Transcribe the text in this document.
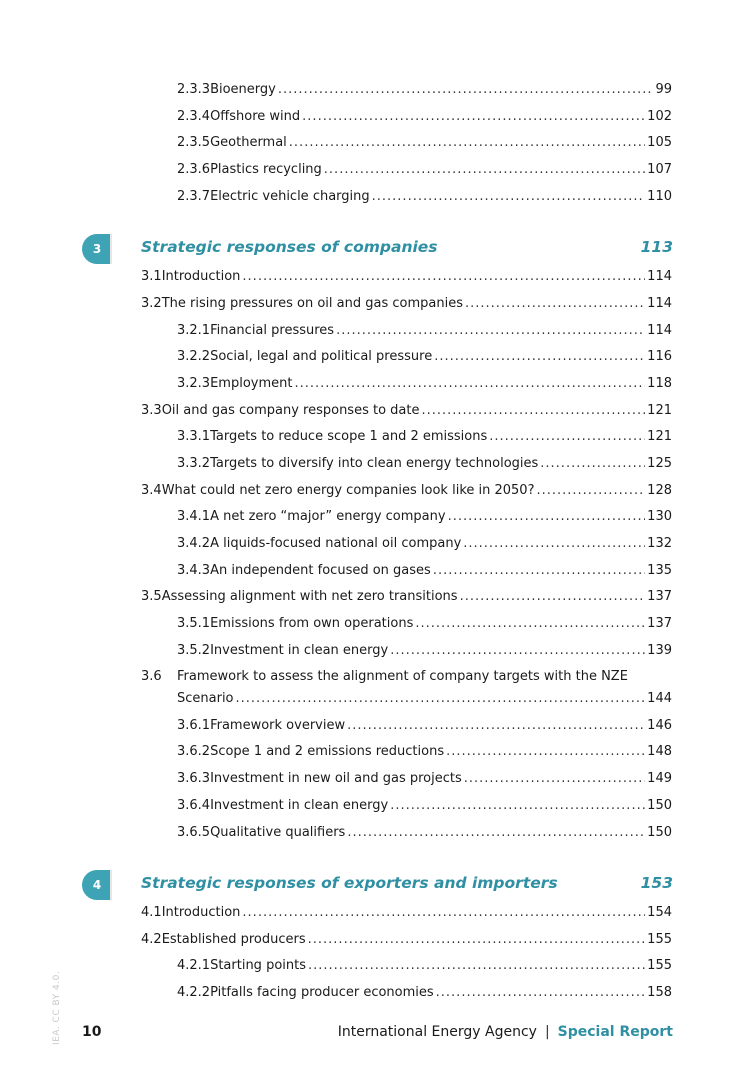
2.3.3 Bioenergy .....	99
2.3.4 Offshore wind .....	102
2.3.5 Geothermal .....	105
2.3.6 Plastics recycling .....	107
2.3.7 Electric vehicle charging .....	110
3	Strategic responses of companies	113
3.1 Introduction .....	114
3.2 The rising pressures on oil and gas companies .....	114
3.2.1 Financial pressures .....	114
3.2.2 Social, legal and political pressure .....	116
3.2.3 Employment .....	118
3.3 Oil and gas company responses to date .....	121
3.3.1 Targets to reduce scope 1 and 2 emissions .....	121
3.3.2 Targets to diversify into clean energy technologies .....	125
3.4 What could net zero energy companies look like in 2050? .....	128
3.4.1 A net zero “major” energy company .....	130
3.4.2 A liquids-focused national oil company .....	132
3.4.3 An independent focused on gases .....	135
3.5 Assessing alignment with net zero transitions .....	137
3.5.1 Emissions from own operations .....	137
3.5.2 Investment in clean energy .....	139
3.6	Framework to assess the alignment of company targets with the NZE
Scenario .....	144
3.6.1 Framework overview .....	146
3.6.2 Scope 1 and 2 emissions reductions .....	148
3.6.3 Investment in new oil and gas projects .....	149
3.6.4 Investment in clean energy .....	150
3.6.5 Qualitative qualifiers .....	150
4	Strategic responses of exporters and importers	153
4.1 Introduction .....	154
4.2 Established producers .....	155
4.2.1 Starting points .....	155
4.2.2 Pitfalls facing producer economies .....	158
IEA. CC BY 4.0. 10	International Energy Agency | Special Report
